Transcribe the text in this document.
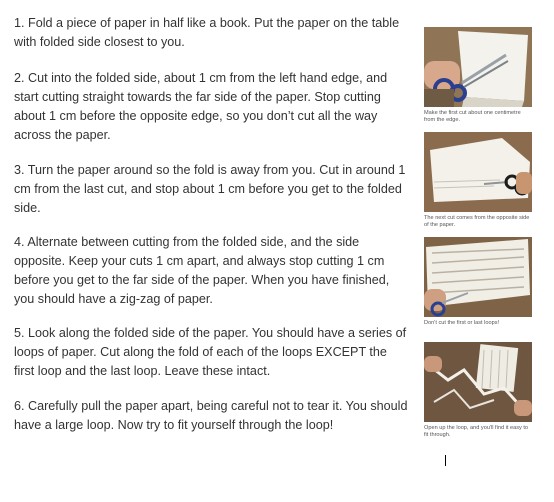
1. Fold a piece of paper in half like a book. Put the paper on the table with folded side closest to you.
2. Cut into the folded side, about 1 cm from the left hand edge, and start cutting straight towards the far side of the paper. Stop cutting about 1 cm before the opposite edge, so you don’t cut all the way across the paper.
3. Turn the paper around so the fold is away from you. Cut in around 1 cm from the last cut, and stop about 1 cm before you get to the folded side.
4. Alternate between cutting from the folded side, and the side opposite. Keep your cuts 1 cm apart, and always stop cutting 1 cm before you get to the far side of the paper. When you have finished, you should have a zig-zag of paper.
5. Look along the folded side of the paper. You should have a series of loops of paper. Cut along the fold of each of the loops EXCEPT the first loop and the last loop. Leave these intact.
6. Carefully pull the paper apart, being careful not to tear it. You should have a large loop. Now try to fit yourself through the loop!
Make the first cut about one centimetre from the edge.
The next cut comes from the opposite side of the paper.
Don't cut the first or last loops!
Open up the loop, and you'll find it easy to fit through.
